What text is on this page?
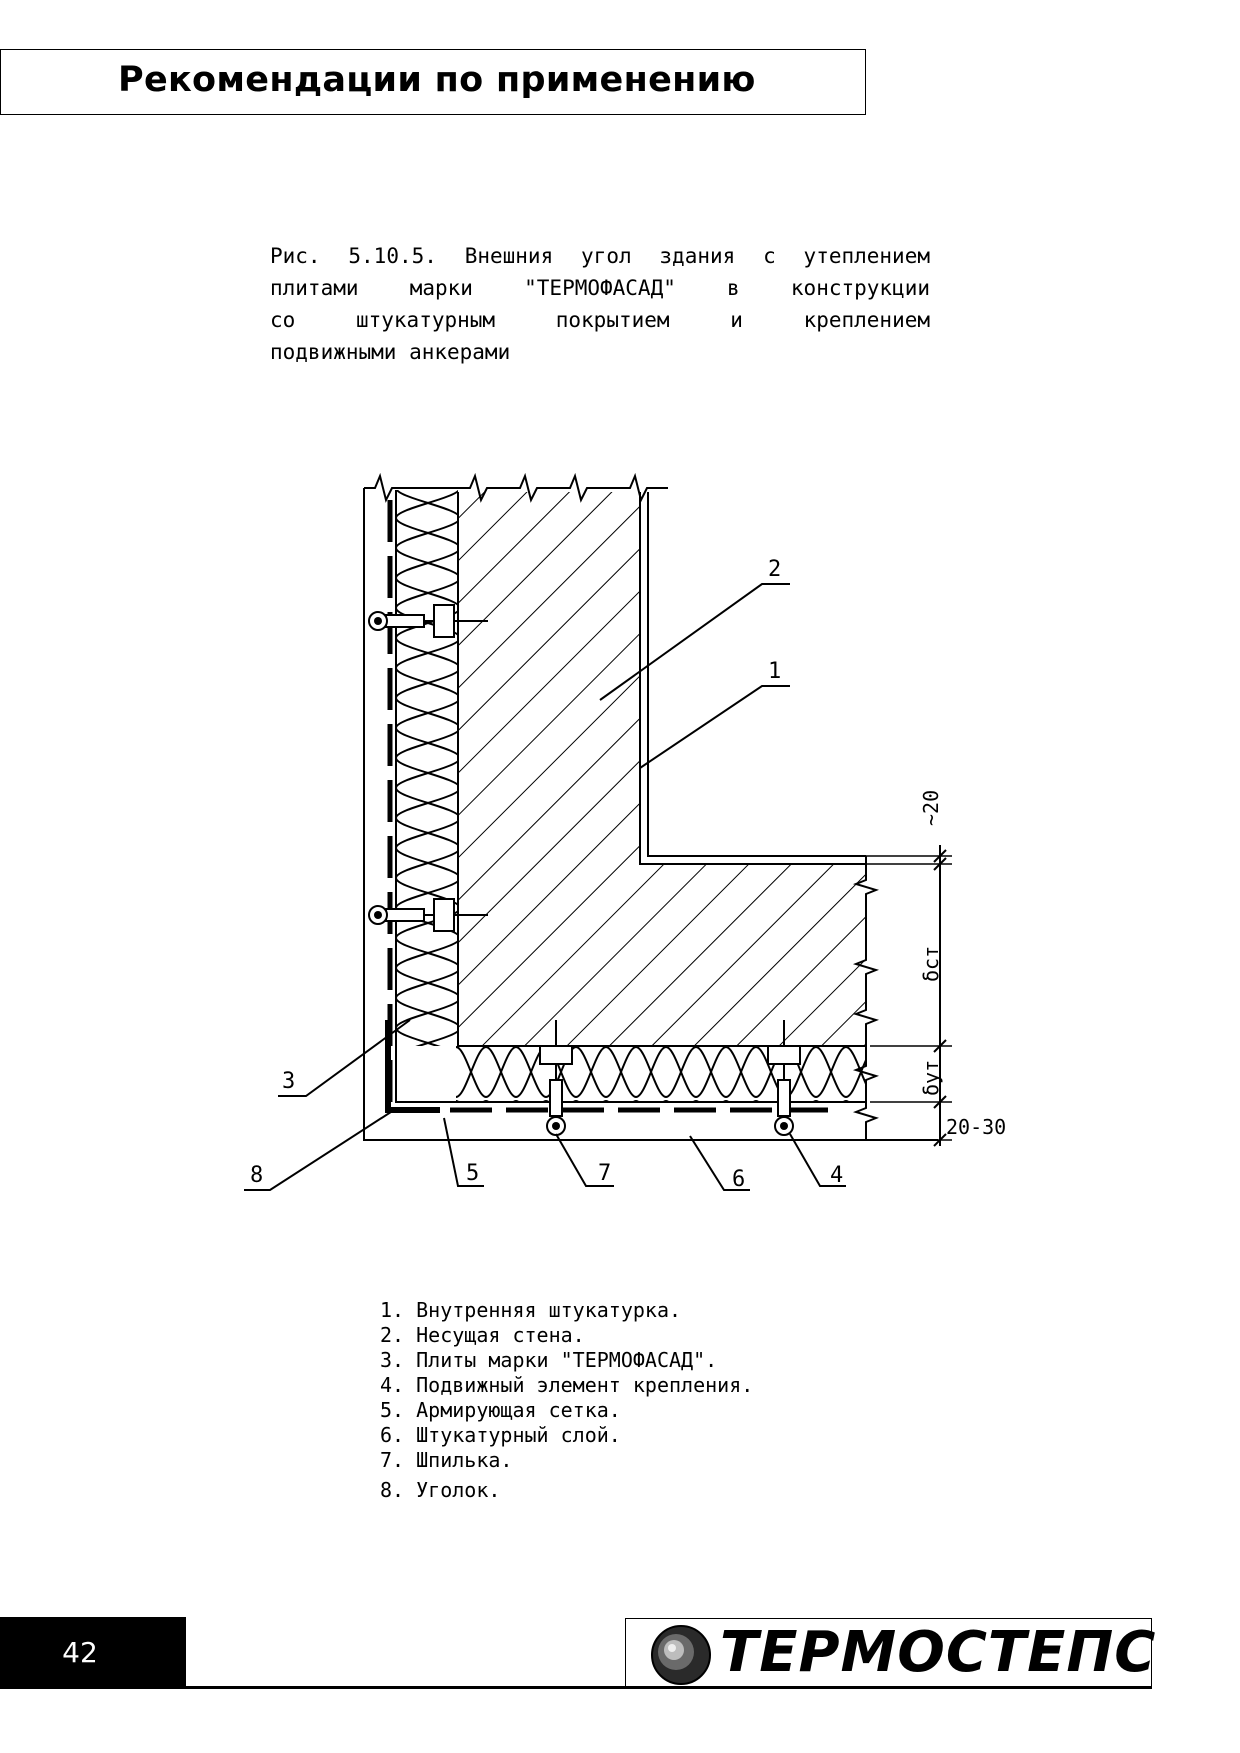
Рекомендации по применению
Рис. 5.10.5. Внешния угол здания с утеплением
плитами марки "ТЕРМОФАСАД" в конструкции
со штукатурным покрытием и креплением
подвижными анкерами
~20
δст
δут
20-30
1
2
3
4
5	6
7
8
1. Внутренняя штукатурка.
2. Несущая стена.
3. Плиты марки "ТЕРМОФАСАД".
4. Подвижный элемент крепления.
5. Армирующая сетка.
6. Штукатурный слой.
7. Шпилька.
8. Уголок.
42	ТЕРМОСТЕПС
